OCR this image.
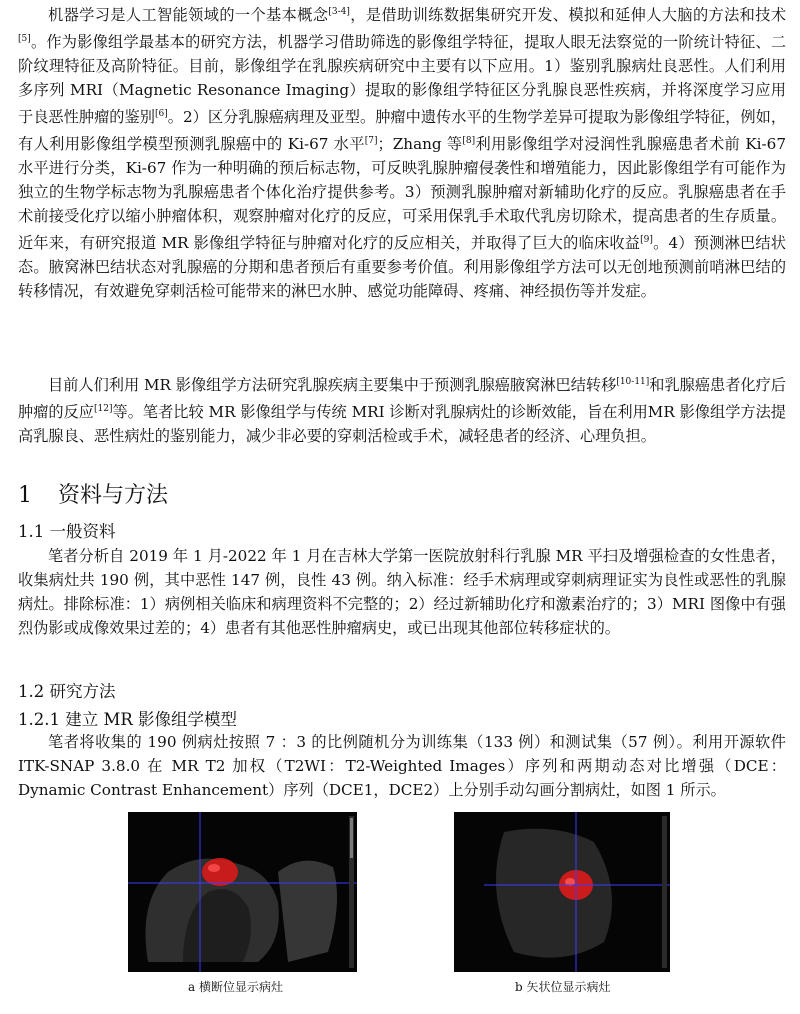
机器学习是人工智能领域的一个基本概念[3-4]，是借助训练数据集研究开发、模拟和延伸人大脑的方法和技术[5]。作为影像组学最基本的研究方法，机器学习借助筛选的影像组学特征，提取人眼无法察觉的一阶统计特征、二阶纹理特征及高阶特征。目前，影像组学在乳腺疾病研究中主要有以下应用。1）鉴别乳腺病灶良恶性。人们利用多序列 MRI（Magnetic Resonance Imaging）提取的影像组学特征区分乳腺良恶性疾病，并将深度学习应用于良恶性肿瘤的鉴别[6]。2）区分乳腺癌病理及亚型。肿瘤中遗传水平的生物学差异可提取为影像组学特征，例如，有人利用影像组学模型预测乳腺癌中的 Ki-67 水平[7]；Zhang 等[8]利用影像组学对浸润性乳腺癌患者术前 Ki-67 水平进行分类，Ki-67 作为一种明确的预后标志物，可反映乳腺肿瘤侵袭性和增殖能力，因此影像组学有可能作为独立的生物学标志物为乳腺癌患者个体化治疗提供参考。3）预测乳腺肿瘤对新辅助化疗的反应。乳腺癌患者在手术前接受化疗以缩小肿瘤体积，观察肿瘤对化疗的反应，可采用保乳手术取代乳房切除术，提高患者的生存质量。近年来，有研究报道 MR 影像组学特征与肿瘤对化疗的反应相关，并取得了巨大的临床收益[9]。4）预测淋巴结状态。腋窝淋巴结状态对乳腺癌的分期和患者预后有重要参考价值。利用影像组学方法可以无创地预测前哨淋巴结的转移情况，有效避免穿刺活检可能带来的淋巴水肿、感觉功能障碍、疼痛、神经损伤等并发症。

目前人们利用 MR 影像组学方法研究乳腺疾病主要集中于预测乳腺癌腋窝淋巴结转移[10-11]和乳腺癌患者化疗后肿瘤的反应[12]等。笔者比较 MR 影像组学与传统 MRI 诊断对乳腺病灶的诊断效能，旨在利用MR 影像组学方法提高乳腺良、恶性病灶的鉴别能力，减少非必要的穿刺活检或手术，减轻患者的经济、心理负担。

1 资料与方法
1.1 一般资料

笔者分析自 2019 年 1 月-2022 年 1 月在吉林大学第一医院放射科行乳腺 MR 平扫及增强检查的女性患者，收集病灶共 190 例，其中恶性 147 例，良性 43 例。纳入标准：经手术病理或穿刺病理证实为良性或恶性的乳腺病灶。排除标准：1）病例相关临床和病理资料不完整的；2）经过新辅助化疗和激素治疗的；3）MRI 图像中有强烈伪影或成像效果过差的；4）患者有其他恶性肿瘤病史，或已出现其他部位转移症状的。

1.2 研究方法
1.2.1 建立 MR 影像组学模型

笔者将收集的 190 例病灶按照 7 ：3 的比例随机分为训练集（133 例）和测试集（57 例）。利用开源软件ITK-SNAP 3.8.0 在 MR T2 加权（T2WI：T2-Weighted Images）序列和两期动态对比增强（DCE：Dynamic Contrast Enhancement）序列（DCE1，DCE2）上分别手动勾画分割病灶，如图 1 所示。

a 横断位显示病灶	b 矢状位显示病灶
